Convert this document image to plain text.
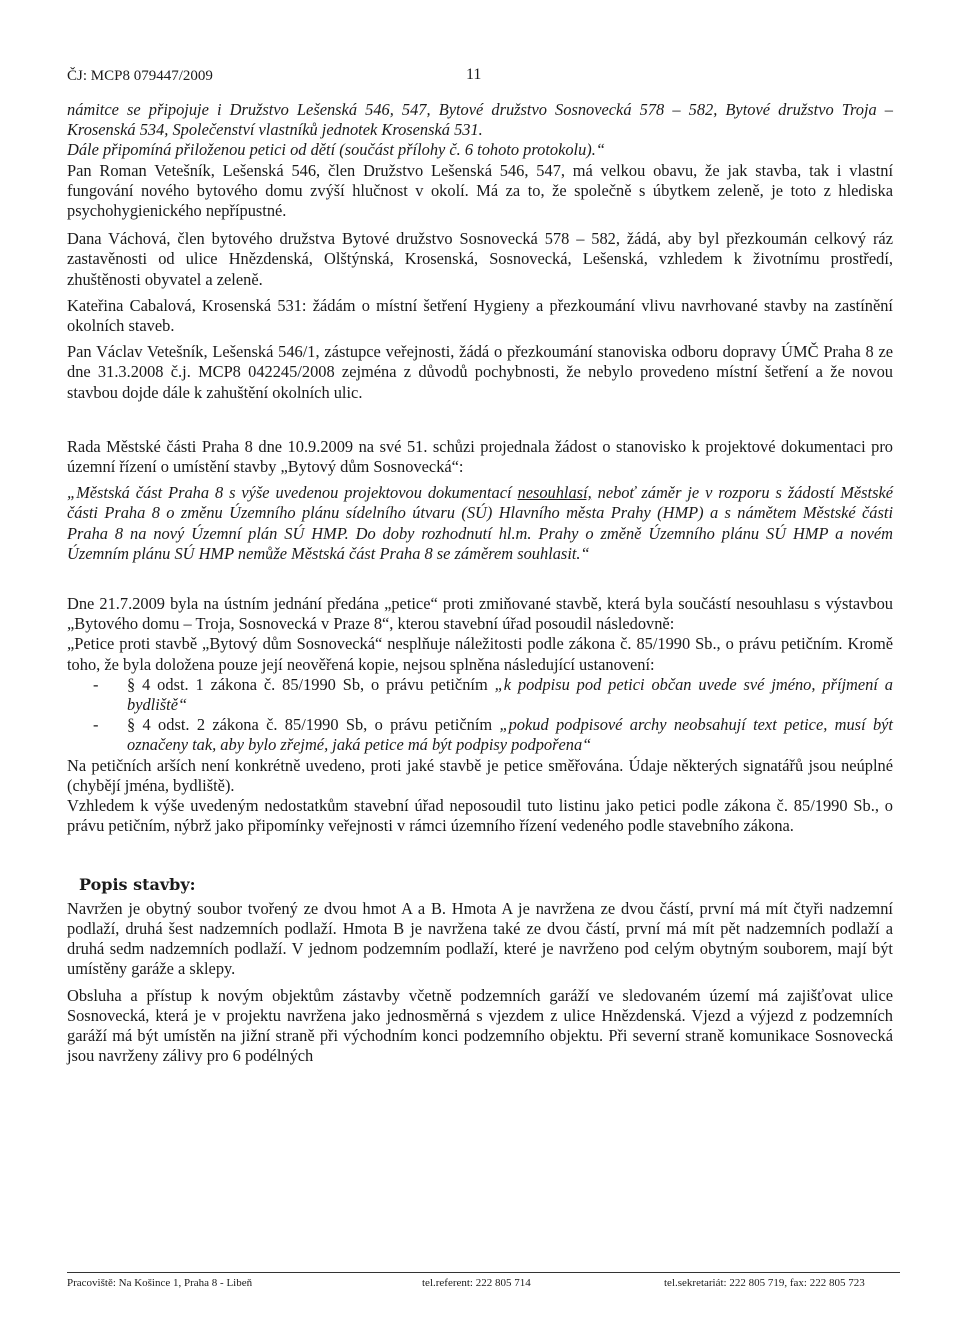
ČJ: MCP8 079447/2009	11

námitce se připojuje i Družstvo Lešenská 546, 547, Bytové družstvo Sosnovecká 578 – 582, Bytové družstvo Troja – Krosenská 534, Společenství vlastníků jednotek Krosenská 531.

Dále připomíná přiloženou petici od dětí (součást přílohy č. 6 tohoto protokolu).“

Pan Roman Vetešník, Lešenská 546, člen Družstvo Lešenská 546, 547, má velkou obavu, že jak stavba, tak i vlastní fungování nového bytového domu zvýší hlučnost v okolí. Má za to, že společně s úbytkem zeleně, je toto z hlediska psychohygienického nepřípustné.

Dana Váchová, člen bytového družstva Bytové družstvo Sosnovecká 578 – 582, žádá, aby byl přezkoumán celkový ráz zastavěnosti od ulice Hnězdenská, Olštýnská, Krosenská, Sosnovecká, Lešenská, vzhledem k životnímu prostředí, zhuštěnosti obyvatel a zeleně.

Kateřina Cabalová, Krosenská 531: žádám o místní šetření Hygieny a přezkoumání vlivu navrhované stavby na zastínění okolních staveb.

Pan Václav Vetešník, Lešenská 546/1, zástupce veřejnosti, žádá o přezkoumání stanoviska odboru dopravy ÚMČ Praha 8 ze dne 31.3.2008 č.j. MCP8 042245/2008 zejména z důvodů pochybnosti, že nebylo provedeno místní šetření a že novou stavbou dojde dále k zahuštění okolních ulic.

Rada Městské části Praha 8 dne 10.9.2009 na své 51. schůzi projednala žádost o stanovisko k projektové dokumentaci pro územní řízení o umístění stavby „Bytový dům Sosnovecká“:

„Městská část Praha 8 s výše uvedenou projektovou dokumentací nesouhlasí, neboť záměr je v rozporu s žádostí Městské části Praha 8 o změnu Územního plánu sídelního útvaru (SÚ) Hlavního města Prahy (HMP) a s námětem Městské části Praha 8 na nový Územní plán SÚ HMP. Do doby rozhodnutí hl.m. Prahy o změně Územního plánu SÚ HMP a novém Územním plánu SÚ HMP nemůže Městská část Praha 8 se záměrem souhlasit.“

Dne 21.7.2009 byla na ústním jednání předána „petice“ proti zmiňované stavbě, která byla součástí nesouhlasu s výstavbou „Bytového domu – Troja, Sosnovecká v Praze 8“, kterou stavební úřad posoudil následovně:

„Petice proti stavbě „Bytový dům Sosnovecká“ nesplňuje náležitosti podle zákona č. 85/1990 Sb., o právu petičním. Kromě toho, že byla doložena pouze její neověřená kopie, nejsou splněna následující ustanovení:

-	§ 4 odst. 1 zákona č. 85/1990 Sb, o právu petičním „k podpisu pod petici občan uvede své jméno, příjmení a bydliště“
-	§ 4 odst. 2 zákona č. 85/1990 Sb, o právu petičním „pokud podpisové archy neobsahují text petice, musí být označeny tak, aby bylo zřejmé, jaká petice má být podpisy podpořena“

Na petičních arších není konkrétně uvedeno, proti jaké stavbě je petice směřována. Údaje některých signatářů jsou neúplné (chybějí jména, bydliště).

Vzhledem k výše uvedeným nedostatkům stavební úřad neposoudil tuto listinu jako petici podle zákona č. 85/1990 Sb., o právu petičním, nýbrž jako připomínky veřejnosti v rámci územního řízení vedeného podle stavebního zákona.

Popis stavby:

Navržen je obytný soubor tvořený ze dvou hmot A a B. Hmota A je navržena ze dvou částí, první má mít čtyři nadzemní podlaží, druhá šest nadzemních podlaží. Hmota B je navržena také ze dvou částí, první má mít pět nadzemních podlaží a druhá sedm nadzemních podlaží. V jednom podzemním podlaží, které je navrženo pod celým obytným souborem, mají být umístěny garáže a sklepy.

Obsluha a přístup k novým objektům zástavby včetně podzemních garáží ve sledovaném území má zajišťovat ulice Sosnovecká, která je v projektu navržena jako jednosměrná s vjezdem z ulice Hnězdenská. Vjezd a výjezd z podzemních garáží má být umístěn na jižní straně při východním konci podzemního objektu. Při severní straně komunikace Sosnovecká jsou navrženy zálivy pro 6 podélných

Pracoviště: Na Košince 1, Praha 8 - Libeň	tel.referent: 222 805 714	tel.sekretariát: 222 805 719, fax: 222 805 723
